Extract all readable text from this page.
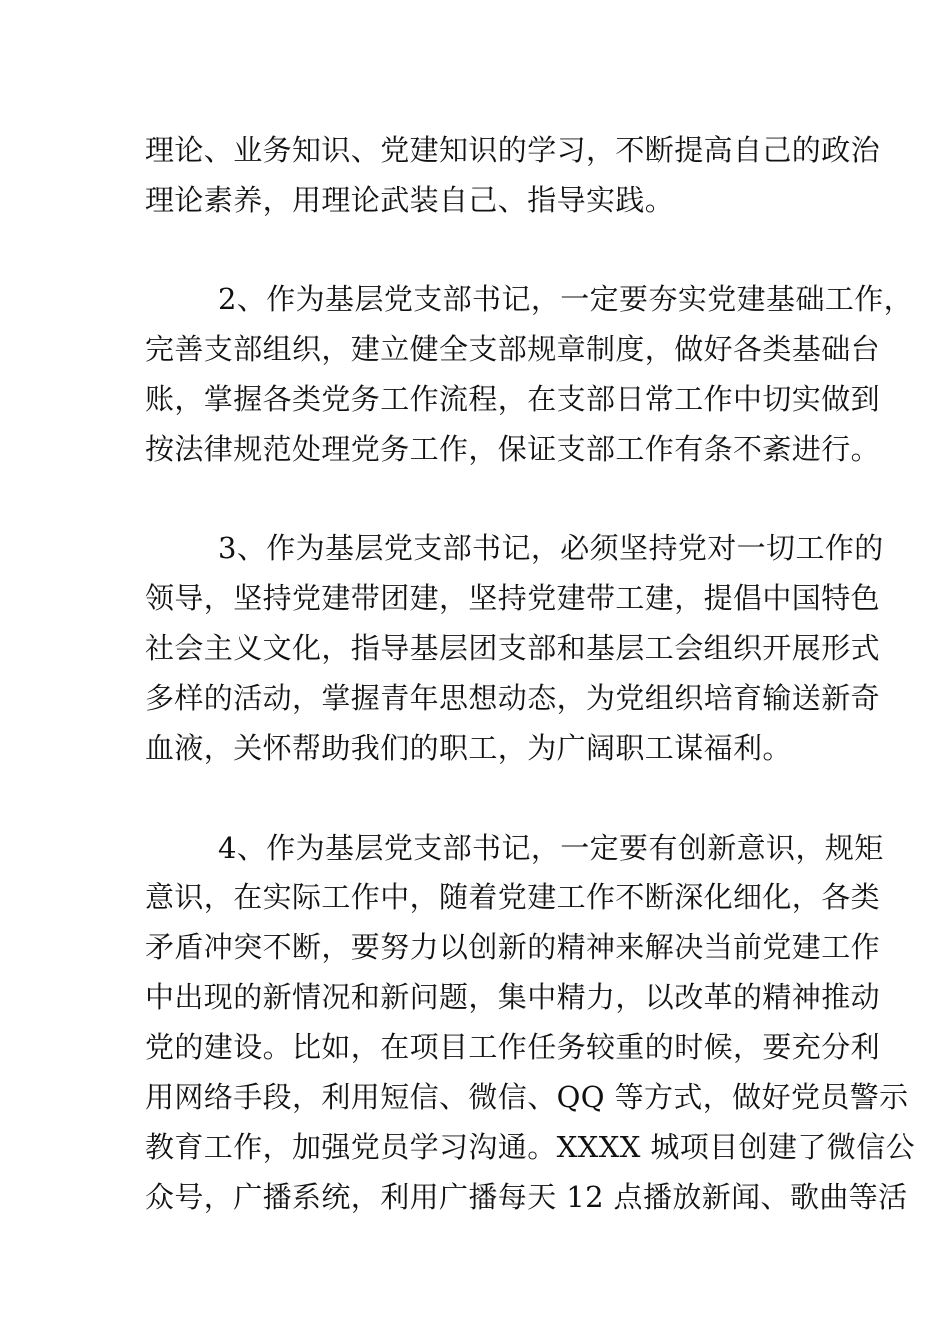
理论、业务知识、党建知识的学习，不断提高自己的政治

理论素养，用理论武装自己、指导实践。

2、作为基层党支部书记，一定要夯实党建基础工作，

完善支部组织，建立健全支部规章制度，做好各类基础台

账，掌握各类党务工作流程，在支部日常工作中切实做到

按法律规范处理党务工作，保证支部工作有条不紊进行。

3、作为基层党支部书记，必须坚持党对一切工作的

领导，坚持党建带团建，坚持党建带工建，提倡中国特色

社会主义文化，指导基层团支部和基层工会组织开展形式

多样的活动，掌握青年思想动态，为党组织培育输送新奇

血液，关怀帮助我们的职工，为广阔职工谋福利。

4、作为基层党支部书记，一定要有创新意识，规矩

意识，在实际工作中，随着党建工作不断深化细化，各类

矛盾冲突不断，要努力以创新的精神来解决当前党建工作

中出现的新情况和新问题，集中精力，以改革的精神推动

党的建设。比如，在项目工作任务较重的时候，要充分利

用网络手段，利用短信、微信、QQ 等方式，做好党员警示

教育工作，加强党员学习沟通。XXXX 城项目创建了微信公

众号，广播系统，利用广播每天 12 点播放新闻、歌曲等活
